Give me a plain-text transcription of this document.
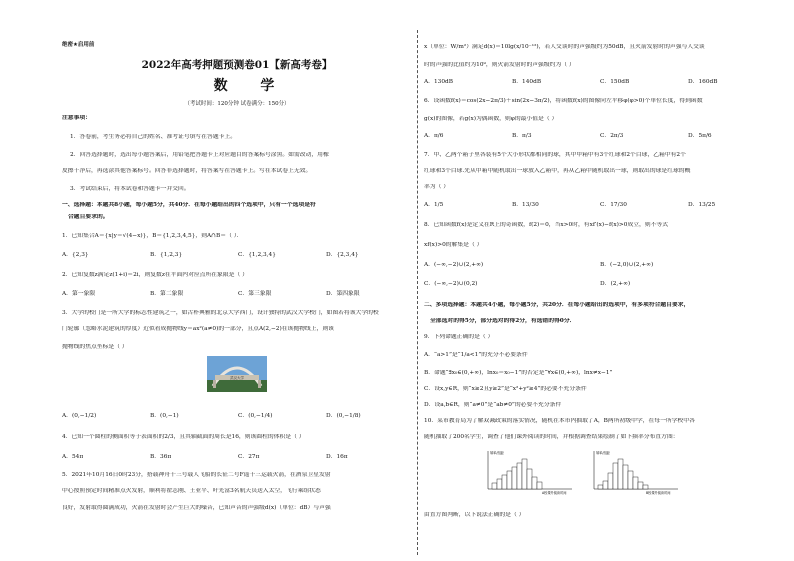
绝密★启用前
2022年高考押题预测卷01【新高考卷】
数 学
（考试时间：120分钟 试卷满分：150分）
注意事项：
1．答卷前，考生务必将自己的姓名、准考证号填写在答题卡上。
2．回答选择题时，选出每小题答案后，用铅笔把答题卡上对应题目的答案标号涂黑。如需改动，用橡
皮擦干净后，再选涂其他答案标号。回答非选择题时，将答案写在答题卡上。写在本试卷上无效。
3．考试结束后，将本试卷和答题卡一并交回。
一、选择题：本题共8小题，每小题5分，共40分．在每小题给出的四个选项中，只有一个选项是符
合题目要求的。
1．已知集合A＝{x|y＝√(4−x)}，B＝{1,2,3,4,5}，则A∩B＝（ ）．
A．{2,3}	B．{1,2,3}	C．{1,2,3,4}	D．{2,3,4}
2．已知复数z满足z(1+i)＝2i，则复数z在平面内对应点所在象限是（ ）
A．第一象限	B．第二象限	C．第三象限	D．第四象限
3．大学的校门是一所大学的标志性建筑之一，如古朴典雅的北京大学西门，设计独特的武汉大学校门，如图若将该大学的校
门轮廓（忽略水泥建筑的厚度）近似看成抛物线y＝ax²(a≠0)的一部分，且点A(2,−2)在该抛物线上，则该
抛物线的焦点坐标是（ ）
武汉大学
A．(0,−1/2)	B．(0,−1)	C．(0,−1/4)	D．(0,−1/8)
4．已知一个圆柱的侧面积等于表面积的2/3，且其轴截面的周长是16，则该圆柱的体积是（ ）
A．54π	B．36π	C．27π	D．16π
5．2021年10月16日0时23分，搭载神舟十三号载人飞船的长征二号F遥十三运载火箭，在酒泉卫星发射
中心按照预定时间精准点火发射，顺利将翟志刚、王亚平、叶光富3名航天员送入太空，飞行乘组状态
良好，发射取得圆满成功，火箭在发射时会产生巨大的噪音，已知声音的声强级d(x)（单位：dB）与声强
x（单位：W/m²）满足d(x)＝10lg(x/10⁻¹²)，若人交谈时的声强级约为50dB，且火箭发射时的声强与人交谈
时的声强的比值约为10⁹，则火箭发射时的声强级约为（ ）
A．130dB	B．140dB	C．150dB	D．160dB
6．设函数f(x)＝cos(2x−2π/3)＋sin(2x−3π/2)，将函数f(x)的图像向左平移φ(φ>0)个单位长度，得到函数
g(x)的图像，若g(x)为偶函数，则φ的最小值是（ ）
A．π/6	B．π/3	C．2π/3	D．5π/6
7．甲、乙两个箱子里各装有5个大小形状都相同的球，其中甲箱中有3个红球和2个白球，乙箱中有2个
红球和3个白球.先从甲箱中随机取出一球放入乙箱中，再从乙箱中随机取出一球，则取出的球是红球的概
率为（ ）
A．1/5	B．13/30	C．17/30	D．13/25
8．已知函数f(x)是定义在R上的奇函数，f(2)＝0，当x>0时，有xf′(x)−f(x)>0成立，则不等式
xf(x)>0的解集是（ ）
A．(−∞,−2)∪(2,+∞)	B．(−2,0)∪(2,+∞)
C．(−∞,−2)∪(0,2)	D．(2,+∞)
二、多项选择题：本题共4小题，每小题5分，共20分．在每小题给出的选项中，有多项符合题目要求，
全部选对的得5分，部分选对的得2分，有选错的得0分．
9．下列命题正确的是（ ）
A．“a>1”是“1/a<1”的充分不必要条件
B．命题“∃x₀∈(0,+∞)，lnx₀＝x₀−1”的否定是“∀x∈(0,+∞)，lnx≠x−1”
C．设x,y∈R，则“x≥2且y≥2”是“x²+y²≥4”的必要不充分条件
D．设a,b∈R，则“a≠0”是“ab≠0”的必要不充分条件
10．某市教育局为了解双减政策的落实情况，随机在本市内抽取了A，B两所初级中学，在每一所学校中各
随机抽取了200名学生，调查了他们课外阅读的时间，并根据调查结果绘制了如下频率分布直方图：
频率/组距
A校课外阅读时间
频率/组距
B校课外阅读时间
由直方图判断，以下说法正确的是（ ）
